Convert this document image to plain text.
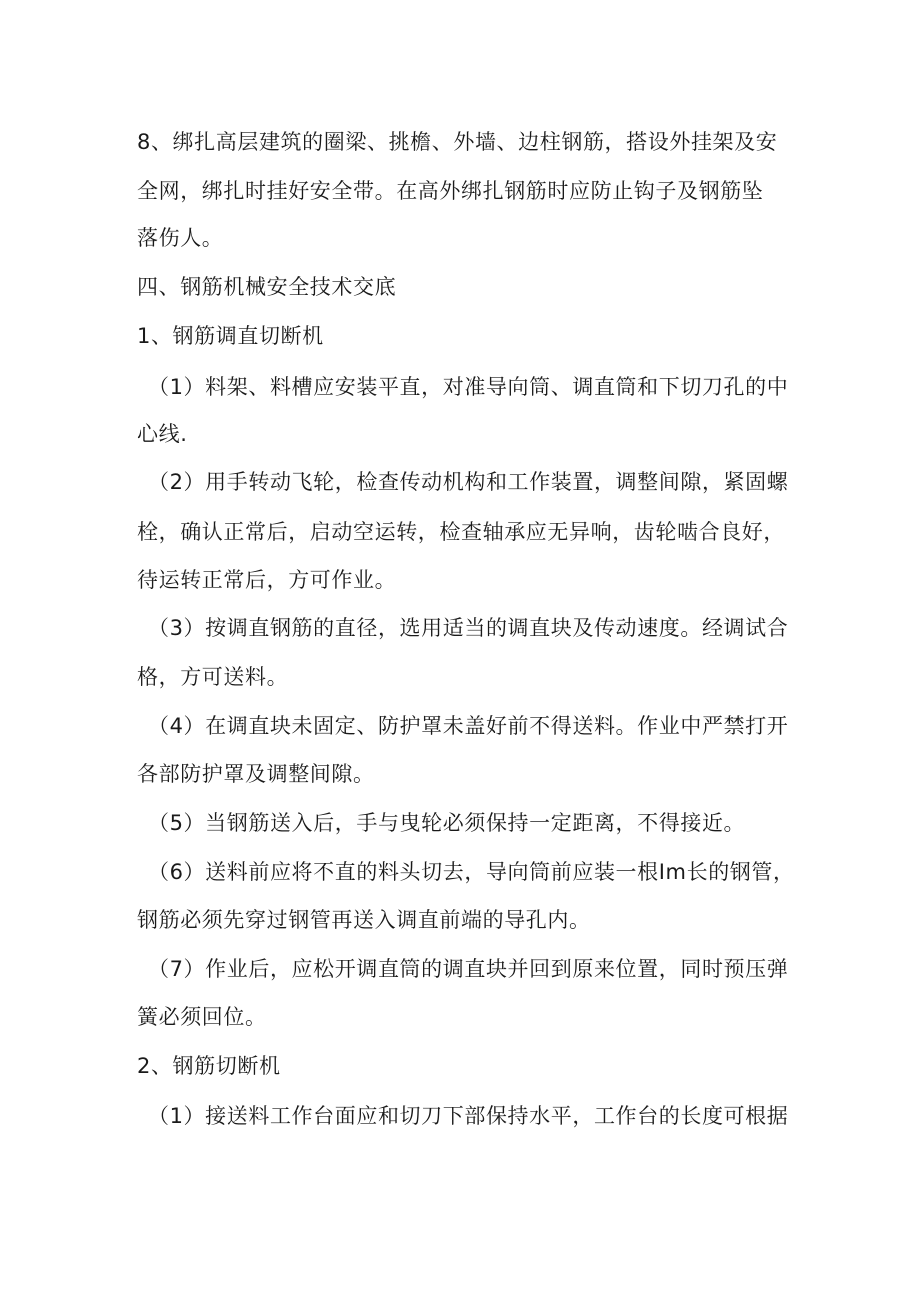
8、绑扎高层建筑的圈梁、挑檐、外墙、边柱钢筋，搭设外挂架及安

全网，绑扎时挂好安全带。在高外绑扎钢筋时应防止钩子及钢筋坠

落伤人。

四、钢筋机械安全技术交底

1、钢筋调直切断机

（1）料架、料槽应安装平直，对准导向筒、调直筒和下切刀孔的中

心线.

（2）用手转动飞轮，检查传动机构和工作装置，调整间隙，紧固螺

栓，确认正常后，启动空运转，检查轴承应无异响，齿轮啮合良好，

待运转正常后，方可作业。

（3）按调直钢筋的直径，选用适当的调直块及传动速度。经调试合

格，方可送料。

（4）在调直块未固定、防护罩未盖好前不得送料。作业中严禁打开

各部防护罩及调整间隙。

（5）当钢筋送入后，手与曳轮必须保持一定距离，不得接近。

（6）送料前应将不直的料头切去，导向筒前应装一根Im长的钢管，

钢筋必须先穿过钢管再送入调直前端的导孔内。

（7）作业后，应松开调直筒的调直块并回到原来位置，同时预压弹

簧必须回位。

2、钢筋切断机

（1）接送料工作台面应和切刀下部保持水平，工作台的长度可根据
